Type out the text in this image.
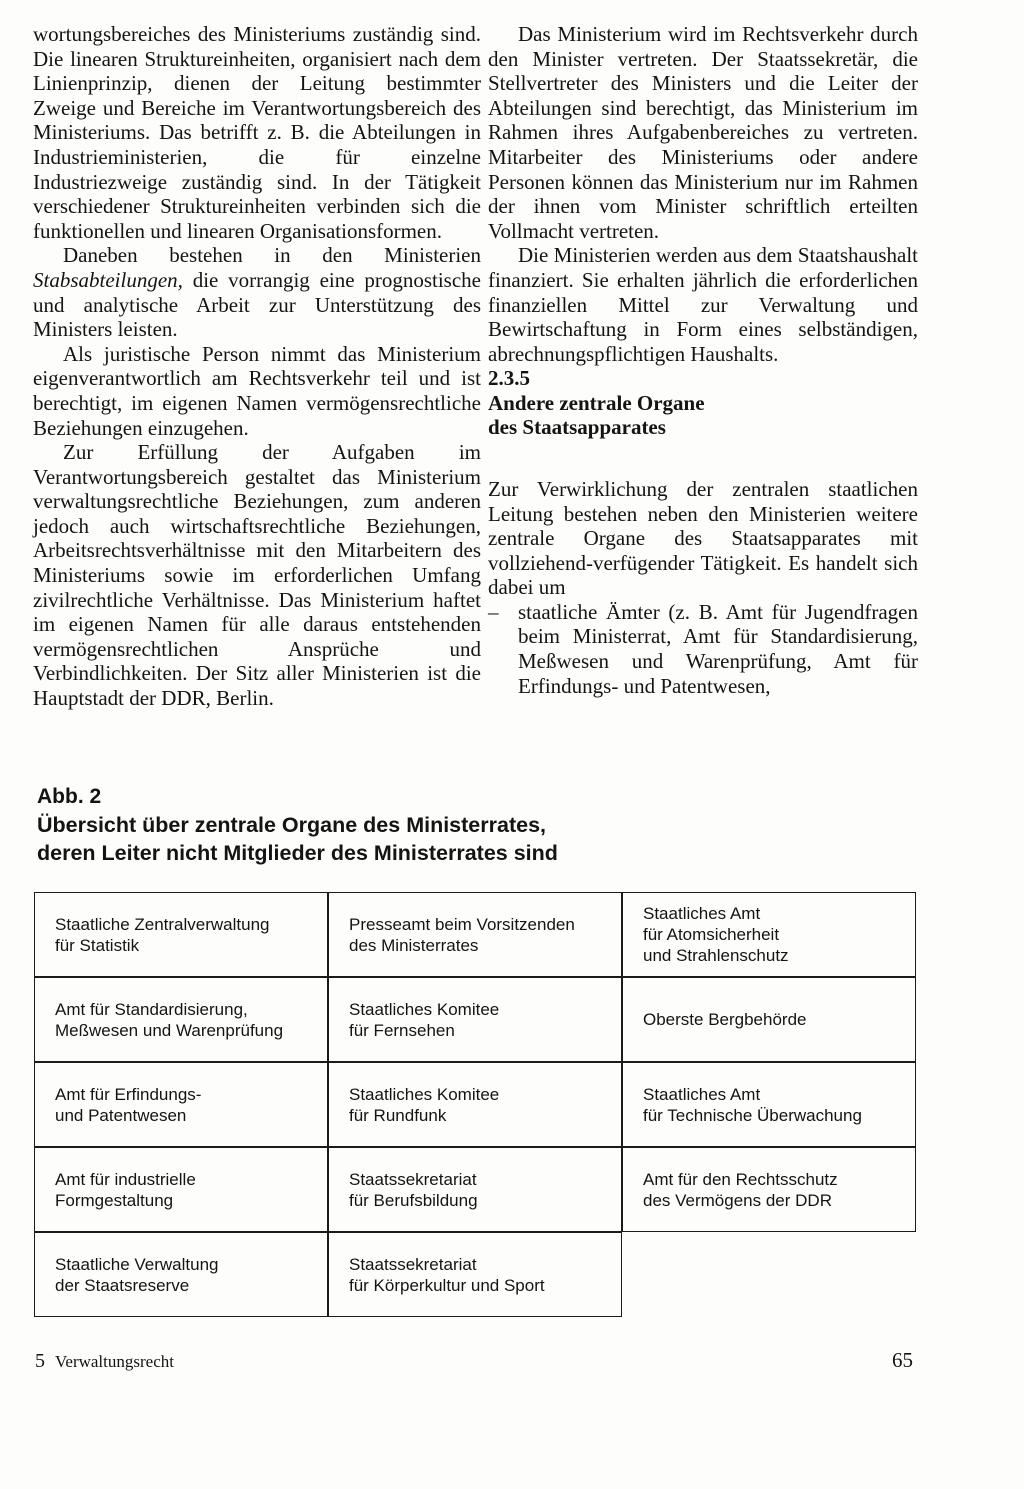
wortungsbereiches des Ministeriums zuständig sind. Die linearen Struktureinheiten, organisiert nach dem Linienprinzip, dienen der Leitung bestimmter Zweige und Bereiche im Verantwortungsbereich des Ministeriums. Das betrifft z. B. die Abteilungen in Industrieministerien, die für einzelne Industriezweige zuständig sind. In der Tätigkeit verschiedener Struktureinheiten verbinden sich die funktionellen und linearen Organisationsformen.

Daneben bestehen in den Ministerien Stabsabteilungen, die vorrangig eine prognostische und analytische Arbeit zur Unterstützung des Ministers leisten.

Als juristische Person nimmt das Ministerium eigenverantwortlich am Rechtsverkehr teil und ist berechtigt, im eigenen Namen vermögensrechtliche Beziehungen einzugehen.

Zur Erfüllung der Aufgaben im Verantwortungsbereich gestaltet das Ministerium verwaltungsrechtliche Beziehungen, zum anderen jedoch auch wirtschaftsrechtliche Beziehungen, Arbeitsrechtsverhältnisse mit den Mitarbeitern des Ministeriums sowie im erforderlichen Umfang zivilrechtliche Verhältnisse. Das Ministerium haftet im eigenen Namen für alle daraus entstehenden vermögensrechtlichen Ansprüche und Verbindlichkeiten. Der Sitz aller Ministerien ist die Hauptstadt der DDR, Berlin.

Das Ministerium wird im Rechtsverkehr durch den Minister vertreten. Der Staatssekretär, die Stellvertreter des Ministers und die Leiter der Abteilungen sind berechtigt, das Ministerium im Rahmen ihres Aufgabenbereiches zu vertreten. Mitarbeiter des Ministeriums oder andere Personen können das Ministerium nur im Rahmen der ihnen vom Minister schriftlich erteilten Vollmacht vertreten.

Die Ministerien werden aus dem Staatshaushalt finanziert. Sie erhalten jährlich die erforderlichen finanziellen Mittel zur Verwaltung und Bewirtschaftung in Form eines selbständigen, abrechnungspflichtigen Haushalts.

2.3.5

Andere zentrale Organe

des Staatsapparates

Zur Verwirklichung der zentralen staatlichen Leitung bestehen neben den Ministerien weitere zentrale Organe des Staatsapparates mit vollziehend-verfügender Tätigkeit. Es handelt sich dabei um

– staatliche Ämter (z. B. Amt für Jugendfragen beim Ministerrat, Amt für Standardisierung, Meßwesen und Warenprüfung, Amt für Erfindungs- und Patentwesen,
Abb. 2
Übersicht über zentrale Organe des Ministerrates,
deren Leiter nicht Mitglieder des Ministerrates sind
Staatliche Zentralverwaltung
für Statistik
Presseamt beim Vorsitzenden
des Ministerrates
Staatliches Amt
für Atomsicherheit
und Strahlenschutz
Amt für Standardisierung,
Meßwesen und Warenprüfung
Staatliches Komitee
für Fernsehen
Oberste Bergbehörde
Amt für Erfindungs-
und Patentwesen
Staatliches Komitee
für Rundfunk
Staatliches Amt
für Technische Überwachung
Amt für industrielle
Formgestaltung
Staatssekretariat
für Berufsbildung
Amt für den Rechtsschutz
des Vermögens der DDR
Staatliche Verwaltung
der Staatsreserve
Staatssekretariat
für Körperkultur und Sport
5 Verwaltungsrecht	65
